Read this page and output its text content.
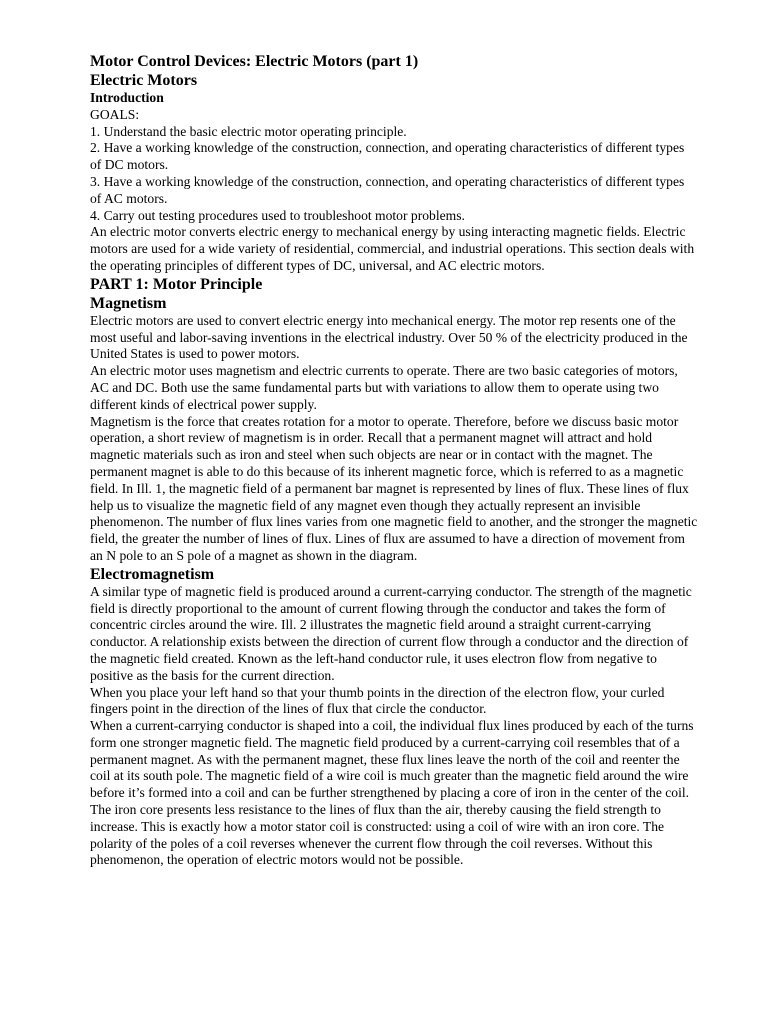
Motor Control Devices: Electric Motors (part 1)

Electric Motors

Introduction

GOALS:

1. Understand the basic electric motor operating principle.

2. Have a working knowledge of the construction, connection, and operating characteristics of different types of DC motors.

3. Have a working knowledge of the construction, connection, and operating characteristics of different types of AC motors.

4. Carry out testing procedures used to troubleshoot motor problems.

An electric motor converts electric energy to mechanical energy by using interacting magnetic fields. Electric motors are used for a wide variety of residential, commercial, and industrial operations. This section deals with the operating principles of different types of DC, universal, and AC electric motors.

PART 1: Motor Principle

Magnetism

Electric motors are used to convert electric energy into mechanical energy. The motor rep resents one of the most useful and labor-saving inventions in the electrical industry. Over 50 % of the electricity produced in the United States is used to power motors.

An electric motor uses magnetism and electric currents to operate. There are two basic categories of motors, AC and DC. Both use the same fundamental parts but with variations to allow them to operate using two different kinds of electrical power supply.

Magnetism is the force that creates rotation for a motor to operate. Therefore, before we discuss basic motor operation, a short review of magnetism is in order. Recall that a permanent magnet will attract and hold magnetic materials such as iron and steel when such objects are near or in contact with the magnet. The permanent magnet is able to do this because of its inherent magnetic force, which is referred to as a magnetic field. In Ill. 1, the magnetic field of a permanent bar magnet is represented by lines of flux. These lines of flux help us to visualize the magnetic field of any magnet even though they actually represent an invisible phenomenon. The number of flux lines varies from one magnetic field to another, and the stronger the magnetic field, the greater the number of lines of flux. Lines of flux are assumed to have a direction of movement from an N pole to an S pole of a magnet as shown in the diagram.

Electromagnetism

A similar type of magnetic field is produced around a current-carrying conductor. The strength of the magnetic field is directly proportional to the amount of current flowing through the conductor and takes the form of concentric circles around the wire. Ill. 2 illustrates the magnetic field around a straight current-carrying conductor. A relationship exists between the direction of current flow through a conductor and the direction of the magnetic field created. Known as the left-hand conductor rule, it uses electron flow from negative to positive as the basis for the current direction.

When you place your left hand so that your thumb points in the direction of the electron flow, your curled fingers point in the direction of the lines of flux that circle the conductor.

When a current-carrying conductor is shaped into a coil, the individual flux lines produced by each of the turns form one stronger magnetic field. The magnetic field produced by a current-carrying coil resembles that of a permanent magnet. As with the permanent magnet, these flux lines leave the north of the coil and reenter the coil at its south pole. The magnetic field of a wire coil is much greater than the magnetic field around the wire before it’s formed into a coil and can be further strengthened by placing a core of iron in the center of the coil. The iron core presents less resistance to the lines of flux than the air, thereby causing the field strength to increase. This is exactly how a motor stator coil is constructed: using a coil of wire with an iron core. The polarity of the poles of a coil reverses whenever the current flow through the coil reverses. Without this phenomenon, the operation of electric motors would not be possible.
